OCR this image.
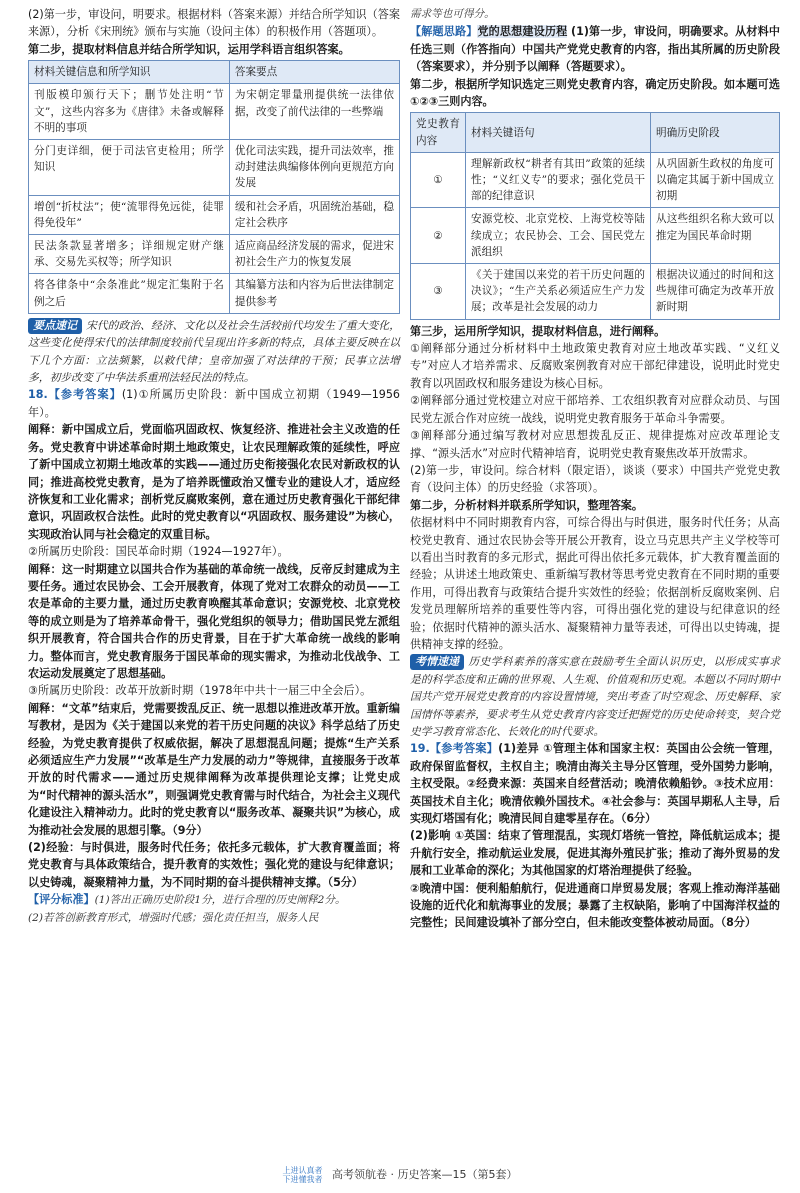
(2)第一步，审设问，明要求。根据材料（答案来源）并结合所学知识（答案来源），分析《宋刑统》颁布与实施（设问主体）的积极作用（答题项）。

第二步，提取材料信息并结合所学知识，运用学科语言组织答案。

材料关键信息和所学知识	答案要点
刊版模印颁行天下；删节处注明“节文”，这些内容多为《唐律》未备或解释不明的事项	为宋朝定罪量刑提供统一法律依据，改变了前代法律的一些弊端
分门吏详细，便于司法官吏检用；所学知识	优化司法实践，提升司法效率，推动封建法典编修体例向更规范方向发展
增创“折杖法”；使“流罪得免远徙，徒罪得免役年”	缓和社会矛盾，巩固统治基础，稳定社会秩序
民法条款显著增多；详细规定财产继承、交易先买权等；所学知识	适应商品经济发展的需求，促进宋初社会生产力的恢复发展
将各律条中“余条准此”规定汇集附于名例之后	其编纂方法和内容为后世法律制定提供参考

要点速记 宋代的政治、经济、文化以及社会生活较前代均发生了重大变化，这些变化使得宋代的法律制度较前代呈现出许多新的特点，具体主要反映在以下几个方面：立法频繁，以敕代律；皇帝加强了对法律的干预；民事立法增多，初步改变了中华法系重刑法轻民法的特点。

18.【参考答案】(1)①所属历史阶段：新中国成立初期（1949—1956年）。

阐释：新中国成立后，党面临巩固政权、恢复经济、推进社会主义改造的任务。党史教育中讲述革命时期土地政策史，让农民理解政策的延续性，呼应了新中国成立初期土地改革的实践——通过历史衔接强化农民对新政权的认同；推进高校党史教育，是为了培养既懂政治又懂专业的建设人才，适应经济恢复和工业化需求；剖析党反腐败案例，意在通过历史教育强化干部纪律意识，巩固政权合法性。此时的党史教育以“巩固政权、服务建设”为核心，实现政治认同与社会稳定的双重目标。

②所属历史阶段：国民革命时期（1924—1927年）。

阐释：这一时期建立以国共合作为基础的革命统一战线，反帝反封建成为主要任务。通过农民协会、工会开展教育，体现了党对工农群众的动员——工农是革命的主要力量，通过历史教育唤醒其革命意识；安源党校、北京党校等的成立则是为了培养革命骨干，强化党组织的领导力；借助国民党左派组织开展教育，符合国共合作的历史背景，目在于扩大革命统一战线的影响力。整体而言，党史教育服务于国民革命的现实需求，为推动北伐战争、工农运动发展奠定了思想基础。

③所属历史阶段：改革开放新时期（1978年中共十一届三中全会后）。

阐释：“文革”结束后，党需要拨乱反正、统一思想以推进改革开放。重新编写教材，是因为《关于建国以来党的若干历史问题的决议》科学总结了历史经验，为党史教育提供了权威依据，解决了思想混乱问题；提炼“生产关系必须适应生产力发展”“改革是生产力发展的动力”等规律，直接服务于改革开放的时代需求——通过历史规律阐释为改革提供理论支撑；让党史成为“时代精神的源头活水”，则强调党史教育需与时代结合，为社会主义现代化建设注入精神动力。此时的党史教育以“服务改革、凝聚共识”为核心，成为推动社会发展的思想引擎。（9分）

(2)经验：与时俱进，服务时代任务；依托多元载体，扩大教育覆盖面；将党史教育与具体政策结合，提升教育的实效性；强化党的建设与纪律意识；以史铸魂，凝聚精神力量，为不同时期的奋斗提供精神支撑。（5分）

【评分标准】(1)答出正确历史阶段1分，进行合理的历史阐释2分。

(2)若答创新教育形式，增强时代感；强化责任担当，服务人民

需求等也可得分。

【解题思路】党的思想建设历程 (1)第一步，审设问，明确要求。从材料中任选三则（作答指向）中国共产党党史教育的内容，指出其所属的历史阶段（答案要求），并分别予以阐释（答题要求）。

第二步，根据所学知识选定三则党史教育内容，确定历史阶段。如本题可选①②③三则内容。

党史教育内容	材料关键语句	明确历史阶段
①	理解新政权“耕者有其田”政策的延续性；“义红义专”的要求；强化党员干部的纪律意识	从巩固新生政权的角度可以确定其属于新中国成立初期
②	安源党校、北京党校、上海党校等陆续成立；农民协会、工会、国民党左派组织	从这些组织名称大致可以推定为国民革命时期
③	《关于建国以来党的若干历史问题的决议》；“生产关系必须适应生产力发展；改革是社会发展的动力	根据决议通过的时间和这些规律可确定为改革开放新时期

第三步，运用所学知识，提取材料信息，进行阐释。

①阐释部分通过分析材料中土地政策史教育对应土地改革实践、“义红义专”对应人才培养需求、反腐败案例教育对应干部纪律建设，说明此时党史教育以巩固政权和服务建设为核心目标。

②阐释部分通过党校建立对应干部培养、工农组织教育对应群众动员、与国民党左派合作对应统一战线，说明党史教育服务于革命斗争需要。

③阐释部分通过编写教材对应思想拨乱反正、规律提炼对应改革理论支撑、“源头活水”对应时代精神培育，说明党史教育聚焦改革开放需求。

(2)第一步，审设问。综合材料（限定语），谈谈（要求）中国共产党党史教育（设问主体）的历史经验（求答项）。

第二步，分析材料并联系所学知识，整理答案。

依据材料中不同时期教育内容，可综合得出与时俱进，服务时代任务；从高校党史教育、通过农民协会等开展公开教育，设立马克思共产主义学校等可以看出当时教育的多元形式，据此可得出依托多元载体，扩大教育覆盖面的经验；从讲述土地政策史、重新编写教材等思考党史教育在不同时期的重要作用，可得出教育与政策结合提升实效性的经验；依据剖析反腐败案例、启发党员理解所培养的重要性等内容，可得出强化党的建设与纪律意识的经验；依据时代精神的源头活水、凝聚精神力量等表述，可得出以史铸魂，提供精神支撑的经验。

考情速递 历史学科素养的落实意在鼓励考生全面认识历史，以形成实事求是的科学态度和正确的世界观、人生观、价值观和历史观。本题以不同时期中国共产党开展党史教育的内容设置情境，突出考查了时空观念、历史解释、家国情怀等素养，要求考生从党史教育内容变迁把握党的历史使命转变，契合党史学习教育常态化、长效化的时代要求。

19.【参考答案】(1)差异 ①管理主体和国家主权：英国由公会统一管理，政府保留监督权，主权自主；晚清由海关主导分区管理，受外国势力影响，主权受限。②经费来源：英国来自经营活动；晚清依赖船钞。③技术应用：英国技术自主化；晚清依赖外国技术。④社会参与：英国早期私人主导，后实现灯塔国有化；晚清民间自建零星存在。（6分）

(2)影响 ①英国：结束了管理混乱，实现灯塔统一管控，降低航运成本；提升航行安全，推动航运业发展，促进其海外殖民扩张；推动了海外贸易的发展和工业革命的深化；为其他国家的灯塔治理提供了经验。

②晚清中国：便利船舶航行，促进通商口岸贸易发展；客观上推动海洋基础设施的近代化和航海事业的发展；暴露了主权缺陷，影响了中国海洋权益的完整性；民间建设填补了部分空白，但未能改变整体被动局面。（8分）

上进认真者
下进懂我者 高考领航卷 · 历史答案—15（第5套）
